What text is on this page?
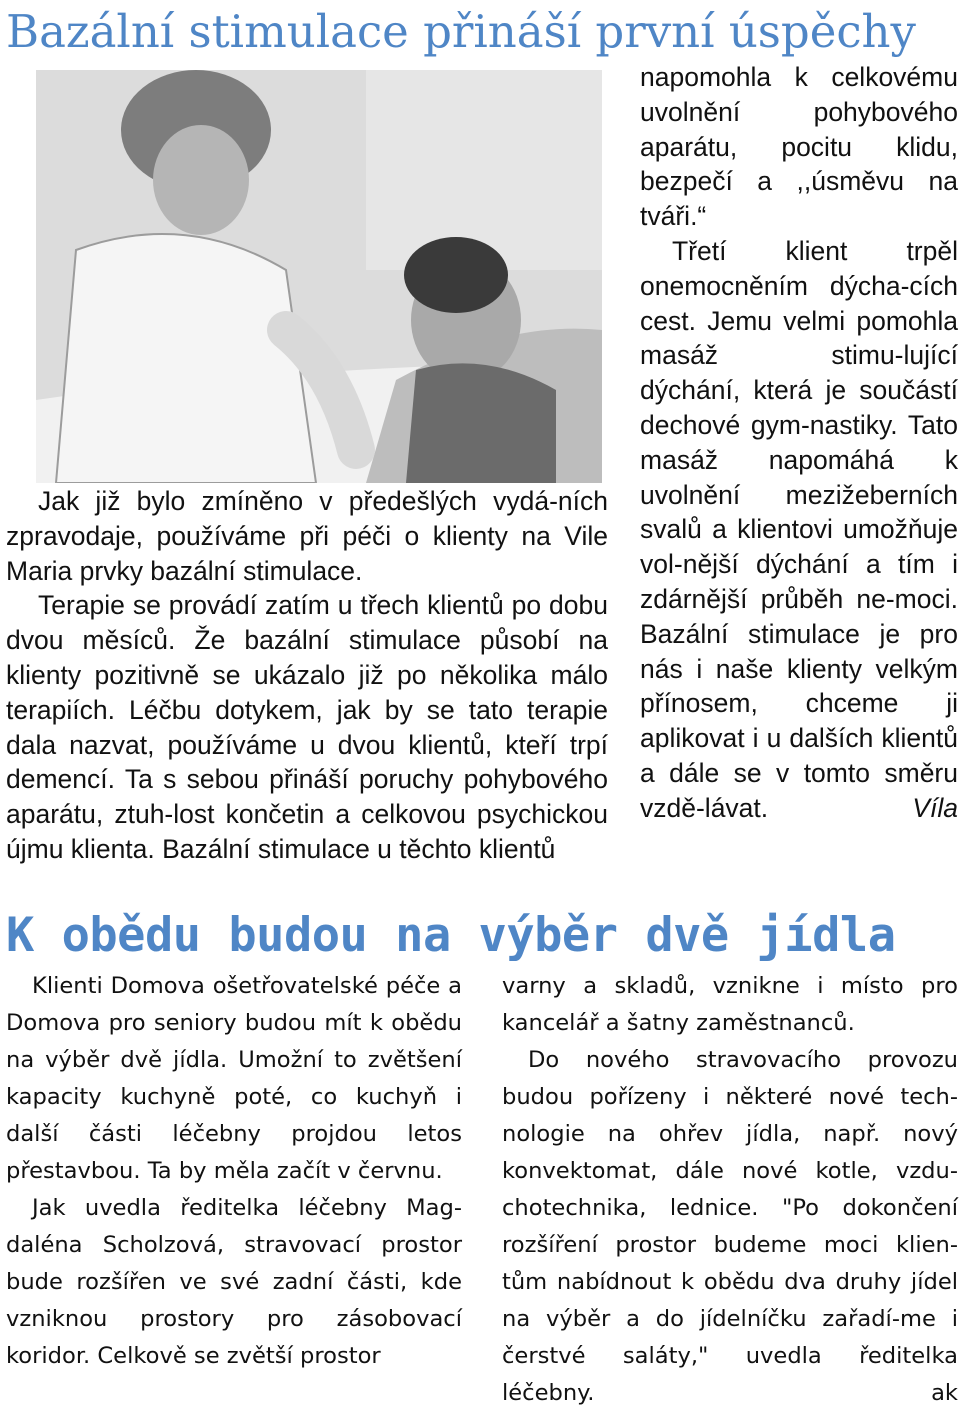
Bazální stimulace přináší první úspěchy

Jak již bylo zmíněno v předešlých vydá-ních zpravodaje, používáme při péči o klienty na Vile Maria prvky bazální stimulace.

Terapie se provádí zatím u třech klientů po dobu dvou měsíců. Že bazální stimulace působí na klienty pozitivně se ukázalo již po několika málo terapiích. Léčbu dotykem, jak by se tato terapie dala nazvat, používáme u dvou klientů, kteří trpí demencí. Ta s sebou přináší poruchy pohybového aparátu, ztuh-lost končetin a celkovou psychickou újmu klienta. Bazální stimulace u těchto klientů

napomohla k celkovému uvolnění pohybového aparátu, pocitu klidu, bezpečí a ,,úsměvu na tváři.“

Třetí klient trpěl onemocněním dýcha-cích cest. Jemu velmi pomohla masáž stimu-lující dýchání, která je součástí dechové gym-nastiky. Tato masáž napomáhá k uvolnění mezižeberních svalů a klientovi umožňuje vol-nější dýchání a tím i zdárnější průběh ne-moci. Bazální stimulace je pro nás i naše klienty velkým přínosem, chceme ji aplikovat i u dalších klientů a dále se v tomto směru vzdě-lávat.	Víla

K obědu budou na výběr dvě jídla

Klienti Domova ošetřovatelské péče a Domova pro seniory budou mít k obědu na výběr dvě jídla. Umožní to zvětšení kapacity kuchyně poté, co kuchyň i další části léčebny projdou letos přestavbou. Ta by měla začít v červnu.

Jak uvedla ředitelka léčebny Mag-daléna Scholzová, stravovací prostor bude rozšířen ve své zadní části, kde vzniknou prostory pro zásobovací koridor. Celkově se zvětší prostor

varny a skladů, vznikne i místo pro kancelář a šatny zaměstnanců.

Do nového stravovacího provozu budou pořízeny i některé nové tech-nologie na ohřev jídla, např. nový konvektomat, dále nové kotle, vzdu-chotechnika, lednice. "Po dokončení rozšíření prostor budeme moci klien-tům nabídnout k obědu dva druhy jídel na výběr a do jídelníčku zařadí-me i čerstvé saláty," uvedla ředitelka léčebny.	ak
